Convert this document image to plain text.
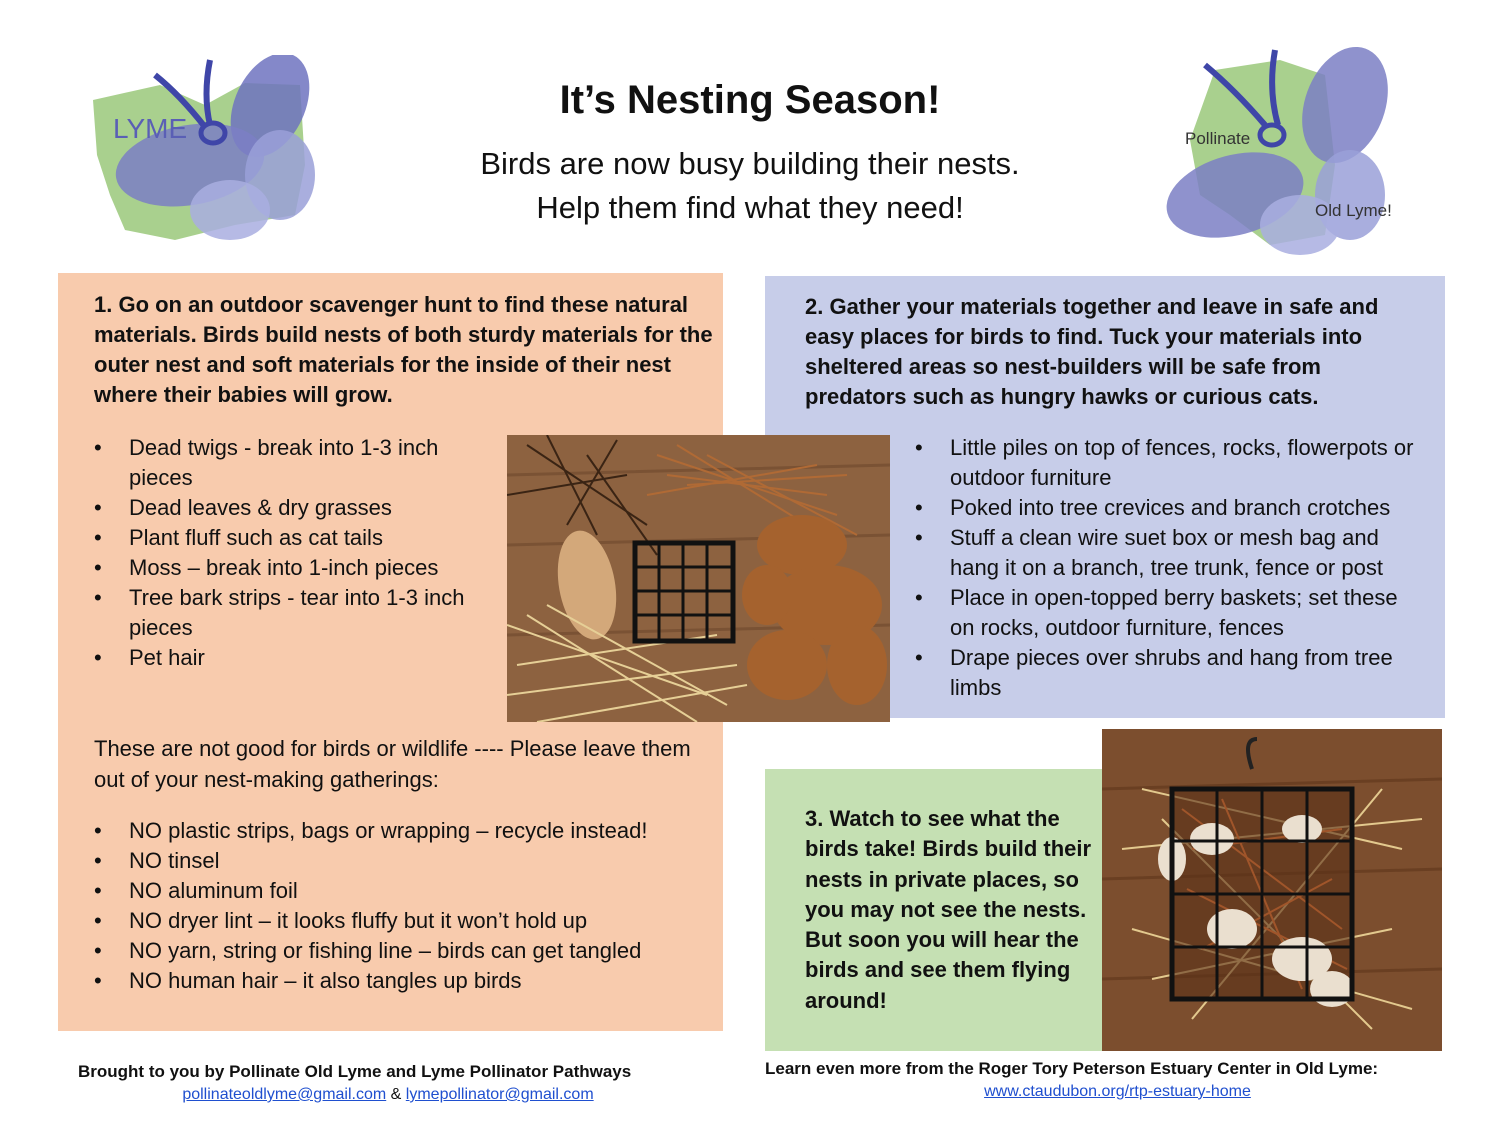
LYME	Pollinate
Old Lyme!
It’s Nesting Season!
Birds are now busy building their nests.
Help them find what they need!
1. Go on an outdoor scavenger hunt to find these natural materials. Birds build nests of both sturdy materials for the outer nest and soft materials for the inside of their nest where their babies will grow.
• Dead twigs - break into 1-3 inch pieces
• Dead leaves & dry grasses
• Plant fluff such as cat tails
• Moss – break into 1-inch pieces
• Tree bark strips - tear into 1-3 inch pieces
• Pet hair
These are not good for birds or wildlife ---- Please leave them out of your nest-making gatherings:
• NO plastic strips, bags or wrapping – recycle instead!
• NO tinsel
• NO aluminum foil
• NO dryer lint – it looks fluffy but it won’t hold up
• NO yarn, string or fishing line – birds can get tangled
• NO human hair – it also tangles up birds
2. Gather your materials together and leave in safe and easy places for birds to find. Tuck your materials into sheltered areas so nest-builders will be safe from predators such as hungry hawks or curious cats.
• Little piles on top of fences, rocks, flowerpots or outdoor furniture
• Poked into tree crevices and branch crotches
• Stuff a clean wire suet box or mesh bag and hang it on a branch, tree trunk, fence or post
• Place in open-topped berry baskets; set these on rocks, outdoor furniture, fences
• Drape pieces over shrubs and hang from tree limbs
3. Watch to see what the birds take! Birds build their nests in private places, so you may not see the nests. But soon you will hear the birds and see them flying around!
Brought to you by Pollinate Old Lyme and Lyme Pollinator Pathways
pollinateoldlyme@gmail.com & lymepollinator@gmail.com
Learn even more from the Roger Tory Peterson Estuary Center in Old Lyme:
www.ctaudubon.org/rtp-estuary-home
